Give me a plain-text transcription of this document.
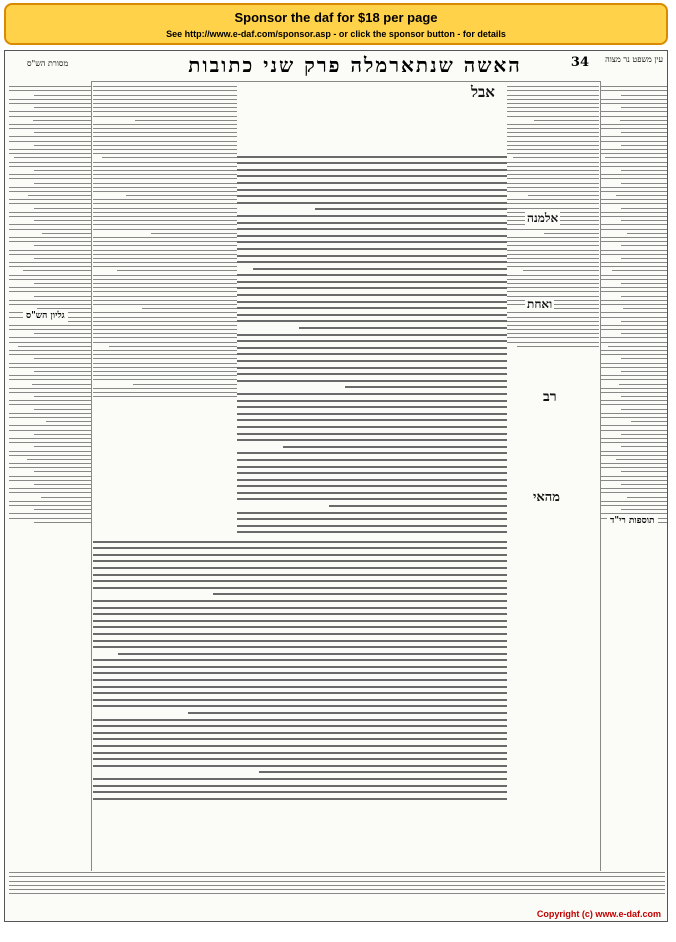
Sponsor the daf for $18 per page
See http://www.e-daf.com/sponsor.asp - or click the sponsor button - for details
מסורת הש"ס	האשה שנתארמלה פרק שני כתובות	34	עין משפט נר מצוה
אבל
אלמנה
ואחת
רב
מהאי
תוספות רי"ד
גליון הש"ס
Copyright (c) www.e-daf.com
